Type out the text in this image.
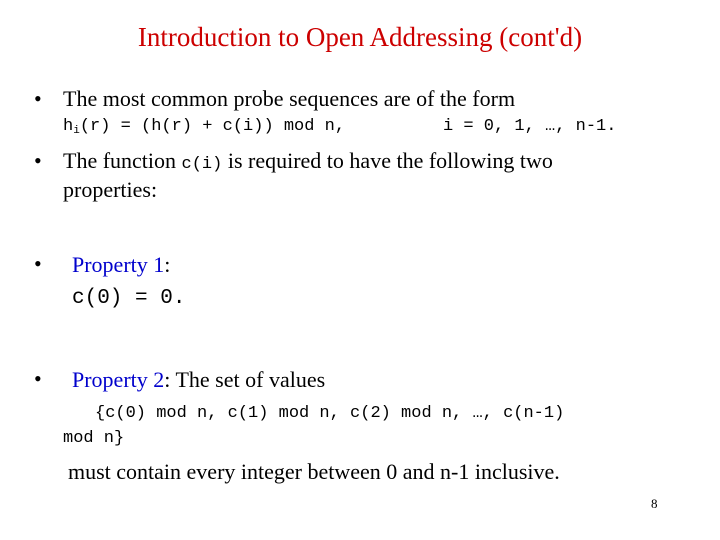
Introduction to Open Addressing (cont'd)
• The most common probe sequences are of the form
$h_i(r) = (h(r) + c(i))$ mod n,	i = 0, 1, …, n-1.
• The function c(i) is required to have the following two
properties:
• Property 1:
c(0) = 0.
• Property 2: The set of values
{c(0) mod n, c(1) mod n, c(2) mod n, …, c(n-1)
mod n}
must contain every integer between 0 and n-1 inclusive.
8
